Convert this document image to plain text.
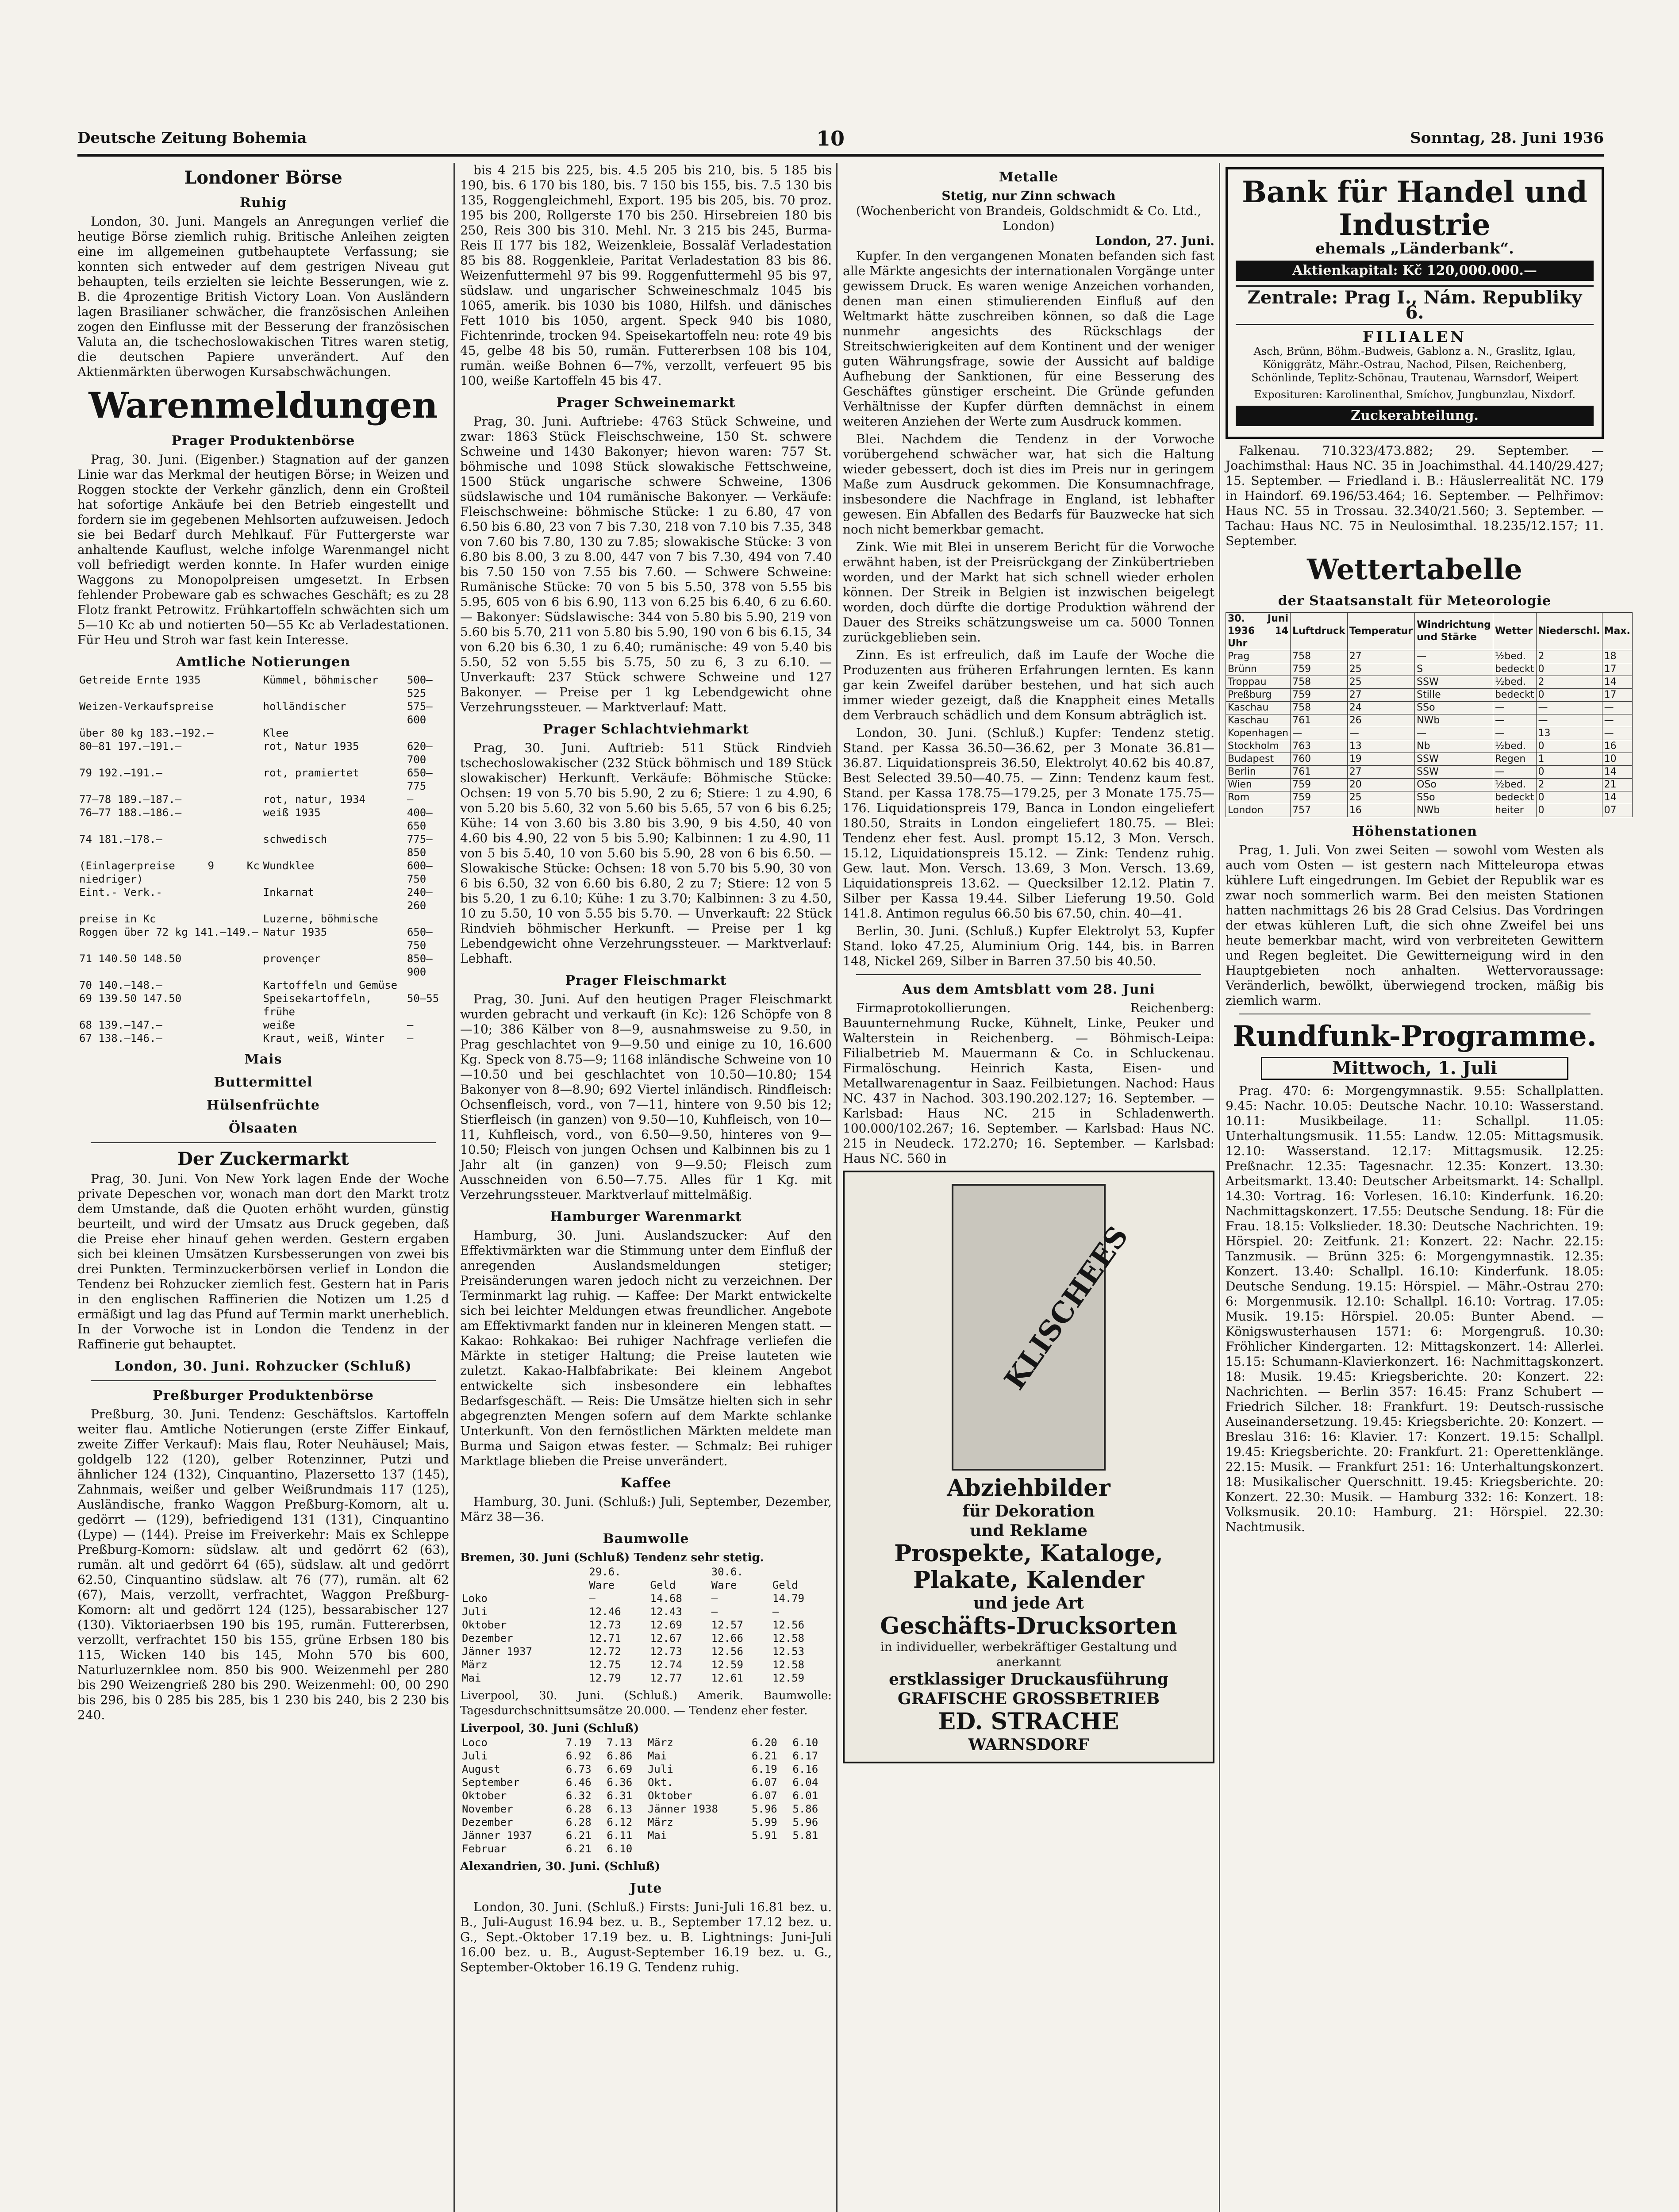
Deutsche Zeitung Bohemia	10	Sonntag, 28. Juni 1936
Londoner Börse
Ruhig

London, 30. Juni. Mangels an Anregungen verlief die heutige Börse ziemlich ruhig. Britische Anleihen zeigten eine im allgemeinen gutbehauptete Verfassung; sie konnten sich entweder auf dem gestrigen Niveau gut behaupten, teils erzielten sie leichte Besserungen, wie z. B. die 4prozentige British Victory Loan. Von Ausländern lagen Brasilianer schwächer, die französischen Anleihen zogen den Einflusse mit der Besserung der französischen Valuta an, die tschechoslowakischen Titres waren stetig, die deutschen Papiere unverändert. Auf den Aktienmärkten überwogen Kursabschwächungen.

Warenmeldungen
Prager Produktenbörse

Prag, 30. Juni. (Eigenber.) Stagnation auf der ganzen Linie war das Merkmal der heutigen Börse; in Weizen und Roggen stockte der Verkehr gänzlich, denn ein Großteil hat sofortige Ankäufe bei den Betrieb eingestellt und fordern sie im gegebenen Mehlsorten aufzuweisen. Jedoch sie bei Bedarf durch Mehlkauf. Für Futtergerste war anhaltende Kauflust, welche infolge Warenmangel nicht voll befriedigt werden konnte. In Hafer wurden einige Waggons zu Monopolpreisen umgesetzt. In Erbsen fehlender Probeware gab es schwaches Geschäft; es zu 28 Flotz frankt Petrowitz. Frühkartoffeln schwächten sich um 5—10 Kc ab und notierten 50—55 Kc ab Verladestationen. Für Heu und Stroh war fast kein Interesse.

Amtliche Notierungen
Getreide Ernte 1935	Kümmel, böhmischer	500—525
Weizen-Verkaufspreise	holländischer	575—600
über 80 kg 183.—192.—	Klee	
80—81 197.—191.—	rot, Natur 1935	620—700
79 192.—191.—	rot, pramiertet	650—775
77—78 189.—187.—	rot, natur, 1934	—
76—77 188.—186.—	weiß 1935	400—650
74 181.—178.—	schwedisch	775—850
(Einlagerpreise 9 Kc niedriger)	Wundklee	600—750
Eint.- Verk.-	Inkarnat	240—260
preise in Kc	Luzerne, böhmische	
Roggen über 72 kg 141.—149.—	Natur 1935	650—750
71 140.50 148.50	provençer	850—900
70 140.—148.—	Kartoffeln und Gemüse	
69 139.50 147.50	Speisekartoffeln, frühe	50—55
68 139.—147.—	weiße	—
67 138.—146.—	Kraut, weiß, Winter	—
Mais
Buttermittel
Hülsenfrüchte
Ölsaaten
Der Zuckermarkt

Prag, 30. Juni. Von New York lagen Ende der Woche private Depeschen vor, wonach man dort den Markt trotz dem Umstande, daß die Quoten erhöht wurden, günstig beurteilt, und wird der Umsatz aus Druck gegeben, daß die Preise eher hinauf gehen werden. Gestern ergaben sich bei kleinen Umsätzen Kursbesserungen von zwei bis drei Punkten. Terminzuckerbörsen verlief in London die Tendenz bei Rohzucker ziemlich fest. Gestern hat in Paris in den englischen Raffinerien die Notizen um 1.25 d ermäßigt und lag das Pfund auf Termin markt unerheblich. In der Vorwoche ist in London die Tendenz in der Raffinerie gut behauptet.

London, 30. Juni. Rohzucker (Schluß)
Preßburger Produktenbörse

Preßburg, 30. Juni. Tendenz: Geschäftslos. Kartoffeln weiter flau. Amtliche Notierungen (erste Ziffer Einkauf, zweite Ziffer Verkauf): Mais flau, Roter Neuhäusel; Mais, goldgelb 122 (120), gelber Rotenzinner, Putzi und ähnlicher 124 (132), Cinquantino, Plazersetto 137 (145), Zahnmais, weißer und gelber Weißrundmais 117 (125), Ausländische, franko Waggon Preßburg-Komorn, alt u. gedörrt — (129), befriedigend 131 (131), Cinquantino (Lype) — (144). Preise im Freiverkehr: Mais ex Schleppe Preßburg-Komorn: südslaw. alt und gedörrt 62 (63), rumän. alt und gedörrt 64 (65), südslaw. alt und gedörrt 62.50, Cinquantino südslaw. alt 76 (77), rumän. alt 62 (67), Mais, verzollt, verfrachtet, Waggon Preßburg-Komorn: alt und gedörrt 124 (125), bessarabischer 127 (130). Viktoriaerbsen 190 bis 195, rumän. Futtererbsen, verzollt, verfrachtet 150 bis 155, grüne Erbsen 180 bis 115, Wicken 140 bis 145, Mohn 570 bis 600, Naturluzernklee nom. 850 bis 900. Weizenmehl per 280 bis 290 Weizengrieß 280 bis 290. Weizenmehl: 00, 00 290 bis 296, bis 0 285 bis 285, bis 1 230 bis 240, bis 2 230 bis 240.

bis 4 215 bis 225, bis. 4.5 205 bis 210, bis. 5 185 bis 190, bis. 6 170 bis 180, bis. 7 150 bis 155, bis. 7.5 130 bis 135, Roggengleichmehl, Export. 195 bis 205, bis. 70 proz. 195 bis 200, Rollgerste 170 bis 250. Hirsebreien 180 bis 250, Reis 300 bis 310. Mehl. Nr. 3 215 bis 245, Burma-Reis II 177 bis 182, Weizenkleie, Bossaläf Verladestation 85 bis 88. Roggenkleie, Paritat Verladestation 83 bis 86. Weizenfuttermehl 97 bis 99. Roggenfuttermehl 95 bis 97, südslaw. und ungarischer Schweineschmalz 1045 bis 1065, amerik. bis 1030 bis 1080, Hilfsh. und dänisches Fett 1010 bis 1050, argent. Speck 940 bis 1080, Fichtenrinde, trocken 94. Speisekartoffeln neu: rote 49 bis 45, gelbe 48 bis 50, rumän. Futtererbsen 108 bis 104, rumän. weiße Bohnen 6—7%, verzollt, verfeuert 95 bis 100, weiße Kartoffeln 45 bis 47.

Prager Schweinemarkt

Prag, 30. Juni. Auftriebe: 4763 Stück Schweine, und zwar: 1863 Stück Fleischschweine, 150 St. schwere Schweine und 1430 Bakonyer; hievon waren: 757 St. böhmische und 1098 Stück slowakische Fettschweine, 1500 Stück ungarische schwere Schweine, 1306 südslawische und 104 rumänische Bakonyer. — Verkäufe: Fleischschweine: böhmische Stücke: 1 zu 6.80, 47 von 6.50 bis 6.80, 23 von 7 bis 7.30, 218 von 7.10 bis 7.35, 348 von 7.60 bis 7.80, 130 zu 7.85; slowakische Stücke: 3 von 6.80 bis 8.00, 3 zu 8.00, 447 von 7 bis 7.30, 494 von 7.40 bis 7.50 150 von 7.55 bis 7.60. — Schwere Schweine: Rumänische Stücke: 70 von 5 bis 5.50, 378 von 5.55 bis 5.95, 605 von 6 bis 6.90, 113 von 6.25 bis 6.40, 6 zu 6.60. — Bakonyer: Südslawische: 344 von 5.80 bis 5.90, 219 von 5.60 bis 5.70, 211 von 5.80 bis 5.90, 190 von 6 bis 6.15, 34 von 6.20 bis 6.30, 1 zu 6.40; rumänische: 49 von 5.40 bis 5.50, 52 von 5.55 bis 5.75, 50 zu 6, 3 zu 6.10. — Unverkauft: 237 Stück schwere Schweine und 127 Bakonyer. — Preise per 1 kg Lebendgewicht ohne Verzehrungssteuer. — Marktverlauf: Matt.

Prager Schlachtviehmarkt

Prag, 30. Juni. Auftrieb: 511 Stück Rindvieh tschechoslowakischer (232 Stück böhmisch und 189 Stück slowakischer) Herkunft. Verkäufe: Böhmische Stücke: Ochsen: 19 von 5.70 bis 5.90, 2 zu 6; Stiere: 1 zu 4.90, 6 von 5.20 bis 5.60, 32 von 5.60 bis 5.65, 57 von 6 bis 6.25; Kühe: 14 von 3.60 bis 3.80 bis 3.90, 9 bis 4.50, 40 von 4.60 bis 4.90, 22 von 5 bis 5.90; Kalbinnen: 1 zu 4.90, 11 von 5 bis 5.40, 10 von 5.60 bis 5.90, 28 von 6 bis 6.50. — Slowakische Stücke: Ochsen: 18 von 5.70 bis 5.90, 30 von 6 bis 6.50, 32 von 6.60 bis 6.80, 2 zu 7; Stiere: 12 von 5 bis 5.20, 1 zu 6.10; Kühe: 1 zu 3.70; Kalbinnen: 3 zu 4.50, 10 zu 5.50, 10 von 5.55 bis 5.70. — Unverkauft: 22 Stück Rindvieh böhmischer Herkunft. — Preise per 1 kg Lebendgewicht ohne Verzehrungssteuer. — Marktverlauf: Lebhaft.

Prager Fleischmarkt

Prag, 30. Juni. Auf den heutigen Prager Fleischmarkt wurden gebracht und verkauft (in Kc): 126 Schöpfe von 8—10; 386 Kälber von 8—9, ausnahmsweise zu 9.50, in Prag geschlachtet von 9—9.50 und einige zu 10, 16.600 Kg. Speck von 8.75—9; 1168 inländische Schweine von 10—10.50 und bei geschlachtet von 10.50—10.80; 154 Bakonyer von 8—8.90; 692 Viertel inländisch. Rindfleisch: Ochsenfleisch, vord., von 7—11, hintere von 9.50 bis 12; Stierfleisch (in ganzen) von 9.50—10, Kuhfleisch, von 10—11, Kuhfleisch, vord., von 6.50—9.50, hinteres von 9—10.50; Fleisch von jungen Ochsen und Kalbinnen bis zu 1 Jahr alt (in ganzen) von 9—9.50; Fleisch zum Ausschneiden von 6.50—7.75. Alles für 1 Kg. mit Verzehrungssteuer. Marktverlauf mittelmäßig.

Hamburger Warenmarkt

Hamburg, 30. Juni. Auslandszucker: Auf den Effektivmärkten war die Stimmung unter dem Einfluß der anregenden Auslandsmeldungen stetiger; Preisänderungen waren jedoch nicht zu verzeichnen. Der Terminmarkt lag ruhig. — Kaffee: Der Markt entwickelte sich bei leichter Meldungen etwas freundlicher. Angebote am Effektivmarkt fanden nur in kleineren Mengen statt. — Kakao: Rohkakao: Bei ruhiger Nachfrage verliefen die Märkte in stetiger Haltung; die Preise lauteten wie zuletzt. Kakao-Halbfabrikate: Bei kleinem Angebot entwickelte sich insbesondere ein lebhaftes Bedarfsgeschäft. — Reis: Die Umsätze hielten sich in sehr abgegrenzten Mengen sofern auf dem Markte schlanke Unterkunft. Von den fernöstlichen Märkten meldete man Burma und Saigon etwas fester. — Schmalz: Bei ruhiger Marktlage blieben die Preise unverändert.

Kaffee

Hamburg, 30. Juni. (Schluß:) Juli, September, Dezember, März 38—36.

Baumwolle
Bremen, 30. Juni (Schluß) Tendenz sehr stetig.
	29.6.		30.6.	
	Ware	Geld	Ware	Geld
Loko	—	14.68	—	14.79
Juli	12.46	12.43	—	—
Oktober	12.73	12.69	12.57	12.56
Dezember	12.71	12.67	12.66	12.58
Jänner 1937	12.72	12.73	12.56	12.53
März	12.75	12.74	12.59	12.58
Mai	12.79	12.77	12.61	12.59
Liverpool, 30. Juni. (Schluß.) Amerik. Baumwolle: Tagesdurchschnittsumsätze 20.000. — Tendenz eher fester.
Liverpool, 30. Juni (Schluß)
Loco	7.19	7.13	März	6.20	6.10
Juli	6.92	6.86	Mai	6.21	6.17
August	6.73	6.69	Juli	6.19	6.16
September	6.46	6.36	Okt.	6.07	6.04
Oktober	6.32	6.31	Oktober	6.07	6.01
November	6.28	6.13	Jänner 1938	5.96	5.86
Dezember	6.28	6.12	März	5.99	5.96
Jänner 1937	6.21	6.11	Mai	5.91	5.81
Februar	6.21	6.10			
Alexandrien, 30. Juni. (Schluß)
Jute

London, 30. Juni. (Schluß.) Firsts: Juni-Juli 16.81 bez. u. B., Juli-August 16.94 bez. u. B., September 17.12 bez. u. G., Sept.-Oktober 17.19 bez. u. B. Lightnings: Juni-Juli 16.00 bez. u. B., August-September 16.19 bez. u. G., September-Oktober 16.19 G. Tendenz ruhig.

Metalle
Stetig, nur Zinn schwach
(Wochenbericht von Brandeis, Goldschmidt & Co. Ltd., London)
London, 27. Juni.

Kupfer. In den vergangenen Monaten befanden sich fast alle Märkte angesichts der internationalen Vorgänge unter gewissem Druck. Es waren wenige Anzeichen vorhanden, denen man einen stimulierenden Einfluß auf den Weltmarkt hätte zuschreiben können, so daß die Lage nunmehr angesichts des Rückschlags der Streitschwierigkeiten auf dem Kontinent und der weniger guten Währungsfrage, sowie der Aussicht auf baldige Aufhebung der Sanktionen, für eine Besserung des Geschäftes günstiger erscheint. Die Gründe gefunden Verhältnisse der Kupfer dürften demnächst in einem weiteren Anziehen der Werte zum Ausdruck kommen.

Blei. Nachdem die Tendenz in der Vorwoche vorübergehend schwächer war, hat sich die Haltung wieder gebessert, doch ist dies im Preis nur in geringem Maße zum Ausdruck gekommen. Die Konsumnachfrage, insbesondere die Nachfrage in England, ist lebhafter gewesen. Ein Abfallen des Bedarfs für Bauzwecke hat sich noch nicht bemerkbar gemacht.

Zink. Wie mit Blei in unserem Bericht für die Vorwoche erwähnt haben, ist der Preisrückgang der Zinkübertrieben worden, und der Markt hat sich schnell wieder erholen können. Der Streik in Belgien ist inzwischen beigelegt worden, doch dürfte die dortige Produktion während der Dauer des Streiks schätzungsweise um ca. 5000 Tonnen zurückgeblieben sein.

Zinn. Es ist erfreulich, daß im Laufe der Woche die Produzenten aus früheren Erfahrungen lernten. Es kann gar kein Zweifel darüber bestehen, und hat sich auch immer wieder gezeigt, daß die Knappheit eines Metalls dem Verbrauch schädlich und dem Konsum abträglich ist.

London, 30. Juni. (Schluß.) Kupfer: Tendenz stetig. Stand. per Kassa 36.50—36.62, per 3 Monate 36.81—36.87. Liquidationspreis 36.50, Elektrolyt 40.62 bis 40.87, Best Selected 39.50—40.75. — Zinn: Tendenz kaum fest. Stand. per Kassa 178.75—179.25, per 3 Monate 175.75—176. Liquidationspreis 179, Banca in London eingeliefert 180.50, Straits in London eingeliefert 180.75. — Blei: Tendenz eher fest. Ausl. prompt 15.12, 3 Mon. Versch. 15.12, Liquidationspreis 15.12. — Zink: Tendenz ruhig. Gew. laut. Mon. Versch. 13.69, 3 Mon. Versch. 13.69, Liquidationspreis 13.62. — Quecksilber 12.12. Platin 7. Silber per Kassa 19.44. Silber Lieferung 19.50. Gold 141.8. Antimon regulus 66.50 bis 67.50, chin. 40—41.

Berlin, 30. Juni. (Schluß.) Kupfer Elektrolyt 53, Kupfer Stand. loko 47.25, Aluminium Orig. 144, bis. in Barren 148, Nickel 269, Silber in Barren 37.50 bis 40.50.

Aus dem Amtsblatt vom 28. Juni

Firmaprotokollierungen. Reichenberg: Bauunternehmung Rucke, Kühnelt, Linke, Peuker und Walterstein in Reichenberg. — Böhmisch-Leipa: Filialbetrieb M. Mauermann & Co. in Schluckenau. Firmalöschung. Heinrich Kasta, Eisen- und Metallwarenagentur in Saaz. Feilbietungen. Nachod: Haus NC. 437 in Nachod. 303.190.202.127; 16. September. — Karlsbad: Haus NC. 215 in Schladenwerth. 100.000/102.267; 16. September. — Karlsbad: Haus NC. 215 in Neudeck. 172.270; 16. September. — Karlsbad: Haus NC. 560 in

KLISCHEES
Abziehbilder
für Dekoration
und Reklame
Prospekte, Kataloge,
Plakate, Kalender
und jede Art
Geschäfts-Drucksorten
in individueller, werbekräftiger Gestaltung und anerkannt
erstklassiger Druckausführung
GRAFISCHE GROSSBETRIEB
ED. STRACHE
WARNSDORF
Bank für Handel und Industrie
ehemals „Länderbank“.
Aktienkapital: Kč 120,000.000.—
Zentrale: Prag I., Nám. Republiky 6.
FILIALEN
Asch, Brünn, Böhm.-Budweis, Gablonz a. N., Graslitz, Iglau, Königgrätz, Mähr.-Ostrau, Nachod, Pilsen, Reichenberg, Schönlinde, Teplitz-Schönau, Trautenau, Warnsdorf, Weipert
Exposituren: Karolinenthal, Smíchov, Jungbunzlau, Nixdorf.
Zuckerabteilung.

Falkenau. 710.323/473.882; 29. September. — Joachimsthal: Haus NC. 35 in Joachimsthal. 44.140/29.427; 15. September. — Friedland i. B.: Häuslerrealität NC. 179 in Haindorf. 69.196/53.464; 16. September. — Pelhřimov: Haus NC. 55 in Trossau. 32.340/21.560; 3. September. — Tachau: Haus NC. 75 in Neulosimthal. 18.235/12.157; 11. September.

Wettertabelle
der Staatsanstalt für Meteorologie
30. Juni 1936 14 Uhr	Luftdruck	Temperatur	Windrichtung und Stärke	Wetter	Niederschl.	Max.
Prag	758	27	—	½bed.	2	18
Brünn	759	25	S	bedeckt	0	17
Troppau	758	25	SSW	½bed.	2	14
Preßburg	759	27	Stille	bedeckt	0	17
Kaschau	758	24	SSo	—	—	—
Kaschau	761	26	NWb	—	—	—
Kopenhagen	—	—	—	—	13	—
Stockholm	763	13	Nb	½bed.	0	16
Budapest	760	19	SSW	Regen	1	10
Berlin	761	27	SSW	—	0	14
Wien	759	20	OSo	½bed.	2	21
Rom	759	25	SSo	bedeckt	0	14
London	757	16	NWb	heiter	0	07
Höhenstationen

Prag, 1. Juli. Von zwei Seiten — sowohl vom Westen als auch vom Osten — ist gestern nach Mitteleuropa etwas kühlere Luft eingedrungen. Im Gebiet der Republik war es zwar noch sommerlich warm. Bei den meisten Stationen hatten nachmittags 26 bis 28 Grad Celsius. Das Vordringen der etwas kühleren Luft, die sich ohne Zweifel bei uns heute bemerkbar macht, wird von verbreiteten Gewittern und Regen begleitet. Die Gewitterneigung wird in den Hauptgebieten noch anhalten. Wettervoraussage: Veränderlich, bewölkt, überwiegend trocken, mäßig bis ziemlich warm.

Rundfunk-Programme.
Mittwoch, 1. Juli

Prag. 470: 6: Morgengymnastik. 9.55: Schallplatten. 9.45: Nachr. 10.05: Deutsche Nachr. 10.10: Wasserstand. 10.11: Musikbeilage. 11: Schallpl. 11.05: Unterhaltungsmusik. 11.55: Landw. 12.05: Mittagsmusik. 12.10: Wasserstand. 12.17: Mittagsmusik. 12.25: Preßnachr. 12.35: Tagesnachr. 12.35: Konzert. 13.30: Arbeitsmarkt. 13.40: Deutscher Arbeitsmarkt. 14: Schallpl. 14.30: Vortrag. 16: Vorlesen. 16.10: Kinderfunk. 16.20: Nachmittagskonzert. 17.55: Deutsche Sendung. 18: Für die Frau. 18.15: Volkslieder. 18.30: Deutsche Nachrichten. 19: Hörspiel. 20: Zeitfunk. 21: Konzert. 22: Nachr. 22.15: Tanzmusik. — Brünn 325: 6: Morgengymnastik. 12.35: Konzert. 13.40: Schallpl. 16.10: Kinderfunk. 18.05: Deutsche Sendung. 19.15: Hörspiel. — Mähr.-Ostrau 270: 6: Morgenmusik. 12.10: Schallpl. 16.10: Vortrag. 17.05: Musik. 19.15: Hörspiel. 20.05: Bunter Abend. — Königswusterhausen 1571: 6: Morgengruß. 10.30: Fröhlicher Kindergarten. 12: Mittagskonzert. 14: Allerlei. 15.15: Schumann-Klavierkonzert. 16: Nachmittagskonzert. 18: Musik. 19.45: Kriegsberichte. 20: Konzert. 22: Nachrichten. — Berlin 357: 16.45: Franz Schubert — Friedrich Silcher. 18: Frankfurt. 19: Deutsch-russische Auseinandersetzung. 19.45: Kriegsberichte. 20: Konzert. — Breslau 316: 16: Klavier. 17: Konzert. 19.15: Schallpl. 19.45: Kriegsberichte. 20: Frankfurt. 21: Operettenklänge. 22.15: Musik. — Frankfurt 251: 16: Unterhaltungskonzert. 18: Musikalischer Querschnitt. 19.45: Kriegsberichte. 20: Konzert. 22.30: Musik. — Hamburg 332: 16: Konzert. 18: Volksmusik. 20.10: Hamburg. 21: Hörspiel. 22.30: Nachtmusik.
